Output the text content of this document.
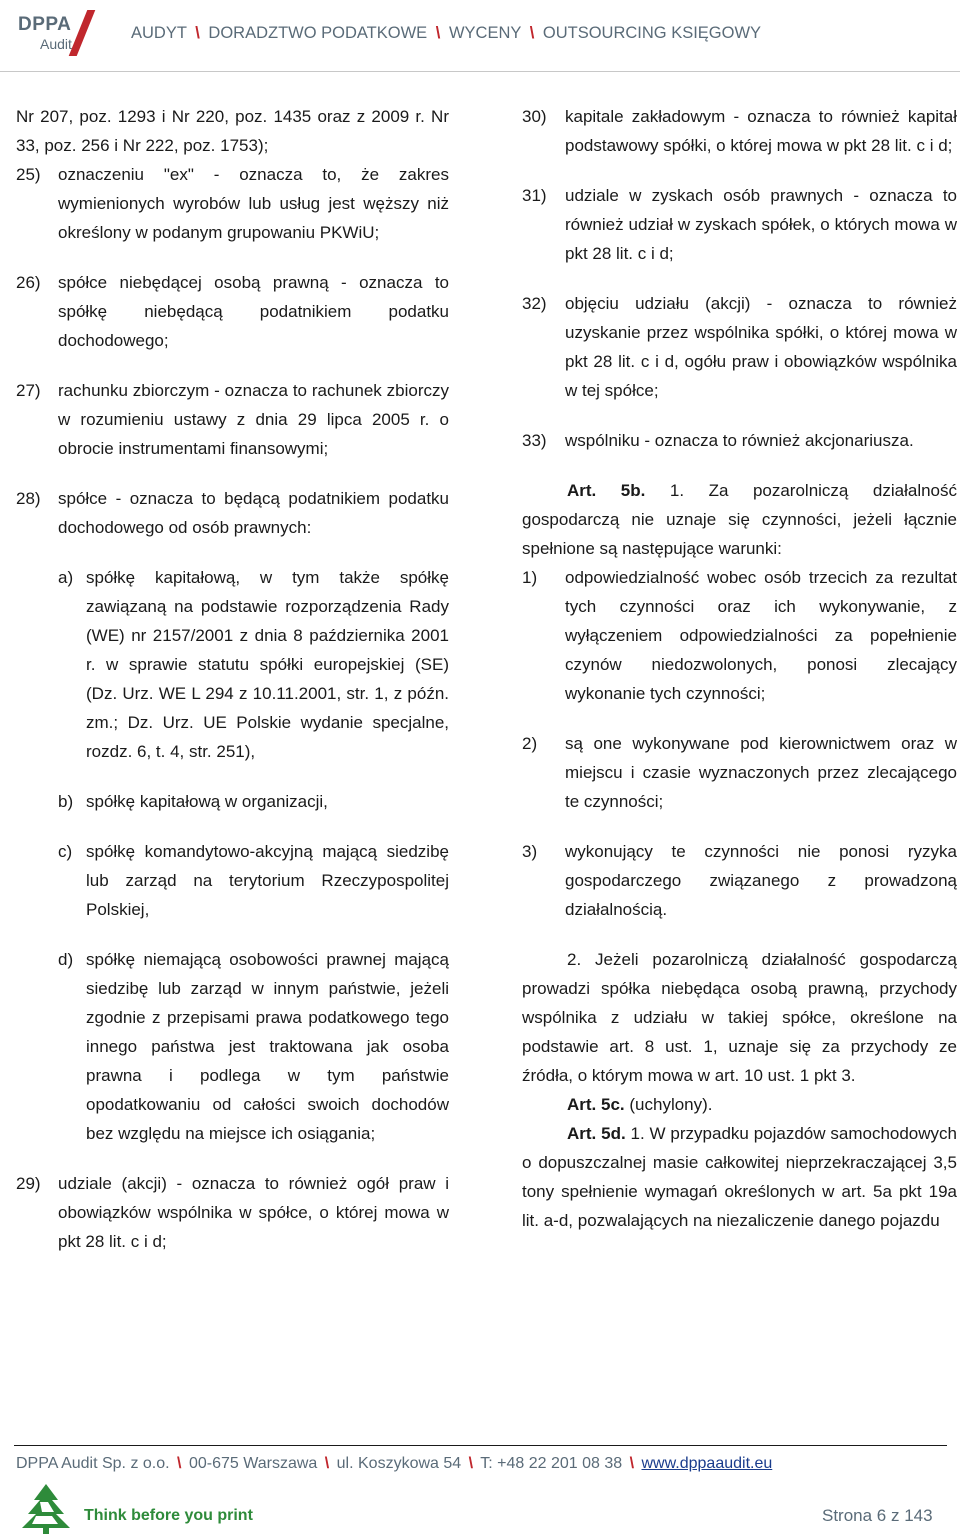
DPPA
Audit
AUDYT \ DORADZTWO PODATKOWE \ WYCENY \ OUTSOURCING KSIĘGOWY

Nr 207, poz. 1293 i Nr 220, poz. 1435 oraz z 2009 r. Nr 33, poz. 256 i Nr 222, poz. 1753);

25)	oznaczeniu "ex" - oznacza to, że zakres wymienionych wyrobów lub usług jest węższy niż określony w podanym grupowaniu PKWiU;
26)	spółce niebędącej osobą prawną - oznacza to spółkę niebędącą podatnikiem podatku dochodowego;
27)	rachunku zbiorczym - oznacza to rachunek zbiorczy w rozumieniu ustawy z dnia 29 lipca 2005 r. o obrocie instrumentami finansowymi;
28)	spółce - oznacza to będącą podatnikiem podatku dochodowego od osób prawnych:
a) spółkę kapitałową, w tym także spółkę zawiązaną na podstawie rozporządzenia Rady (WE) nr 2157/2001 z dnia 8 października 2001 r. w sprawie statutu spółki europejskiej (SE) (Dz. Urz. WE L 294 z 10.11.2001, str. 1, z późn. zm.; Dz. Urz. UE Polskie wydanie specjalne, rozdz. 6, t. 4, str. 251),
b) spółkę kapitałową w organizacji,
c) spółkę komandytowo-akcyjną mającą siedzibę lub zarząd na terytorium Rzeczypospolitej Polskiej,
d) spółkę niemającą osobowości prawnej mającą siedzibę lub zarząd w innym państwie, jeżeli zgodnie z przepisami prawa podatkowego tego innego państwa jest traktowana jak osoba prawna i podlega w tym państwie opodatkowaniu od całości swoich dochodów bez względu na miejsce ich osiągania;
29)	udziale (akcji) - oznacza to również ogół praw i obowiązków wspólnika w spółce, o której mowa w pkt 28 lit. c i d;
30)	kapitale zakładowym - oznacza to również kapitał podstawowy spółki, o której mowa w pkt 28 lit. c i d;
31)	udziale w zyskach osób prawnych - oznacza to również udział w zyskach spółek, o których mowa w pkt 28 lit. c i d;
32)	objęciu udziału (akcji) - oznacza to również uzyskanie przez wspólnika spółki, o której mowa w pkt 28 lit. c i d, ogółu praw i obowiązków wspólnika w tej spółce;
33)	wspólniku - oznacza to również akcjonariusza.

Art. 5b. 1. Za pozarolniczą działalność gospodarczą nie uznaje się czynności, jeżeli łącznie spełnione są następujące warunki:

1)	odpowiedzialność wobec osób trzecich za rezultat tych czynności oraz ich wykonywanie, z wyłączeniem odpowiedzialności za popełnienie czynów niedozwolonych, ponosi zlecający wykonanie tych czynności;
2)	są one wykonywane pod kierownictwem oraz w miejscu i czasie wyznaczonych przez zlecającego te czynności;
3)	wykonujący te czynności nie ponosi ryzyka gospodarczego związanego z prowadzoną działalnością.

2. Jeżeli pozarolniczą działalność gospodarczą prowadzi spółka niebędąca osobą prawną, przychody wspólnika z udziału w takiej spółce, określone na podstawie art. 8 ust. 1, uznaje się za przychody ze źródła, o którym mowa w art. 10 ust. 1 pkt 3.

Art. 5c. (uchylony).

Art. 5d. 1. W przypadku pojazdów samochodowych o dopuszczalnej masie całkowitej nieprzekraczającej 3,5 tony spełnienie wymagań określonych w art. 5a pkt 19a lit. a-d, pozwalających na niezaliczenie danego pojazdu

DPPA Audit Sp. z o.o. \ 00-675 Warszawa \ ul. Koszykowa 54 \ T: +48 22 201 08 38 \ www.dppaaudit.eu
Think before you print	Strona 6 z 143
